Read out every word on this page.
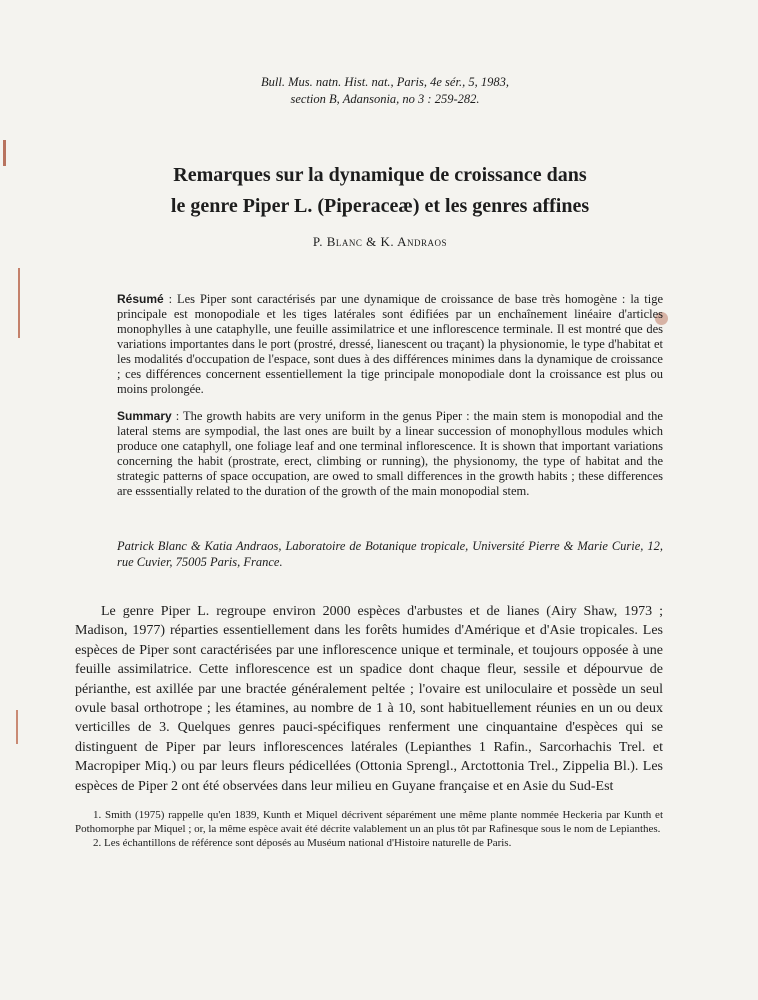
Bull. Mus. natn. Hist. nat., Paris, 4e sér., 5, 1983,
section B, Adansonia, no 3 : 259-282.
Remarques sur la dynamique de croissance dans
le genre Piper L. (Piperaceæ) et les genres affines
P. Blanc & K. Andraos
Résumé : Les Piper sont caractérisés par une dynamique de croissance de base très homogène : la tige principale est monopodiale et les tiges latérales sont édifiées par un enchaînement linéaire d'articles monophylles à une cataphylle, une feuille assimilatrice et une inflorescence terminale. Il est montré que des variations importantes dans le port (prostré, dressé, lianescent ou traçant) la physionomie, le type d'habitat et les modalités d'occupation de l'espace, sont dues à des différences minimes dans la dynamique de croissance ; ces différences concernent essentiellement la tige principale monopodiale dont la croissance est plus ou moins prolongée.
Summary : The growth habits are very uniform in the genus Piper : the main stem is monopodial and the lateral stems are sympodial, the last ones are built by a linear succession of monophyllous modules which produce one cataphyll, one foliage leaf and one terminal inflorescence. It is shown that important variations concerning the habit (prostrate, erect, climbing or running), the physionomy, the type of habitat and the strategic patterns of space occupation, are owed to small differences in the growth habits ; these differences are esssentially related to the duration of the growth of the main monopodial stem.
Patrick Blanc & Katia Andraos, Laboratoire de Botanique tropicale, Université Pierre & Marie Curie, 12, rue Cuvier, 75005 Paris, France.

Le genre Piper L. regroupe environ 2000 espèces d'arbustes et de lianes (Airy Shaw, 1973 ; Madison, 1977) réparties essentiellement dans les forêts humides d'Amérique et d'Asie tropicales. Les espèces de Piper sont caractérisées par une inflorescence unique et terminale, et toujours opposée à une feuille assimilatrice. Cette inflorescence est un spadice dont chaque fleur, sessile et dépourvue de périanthe, est axillée par une bractée généralement peltée ; l'ovaire est uniloculaire et possède un seul ovule basal orthotrope ; les étamines, au nombre de 1 à 10, sont habituellement réunies en un ou deux verticilles de 3. Quelques genres pauci-spécifiques renferment une cinquantaine d'espèces qui se distinguent de Piper par leurs inflorescences latérales (Lepianthes 1 Rafin., Sarcorhachis Trel. et Macropiper Miq.) ou par leurs fleurs pédicellées (Ottonia Sprengl., Arctottonia Trel., Zippelia Bl.). Les espèces de Piper 2 ont été observées dans leur milieu en Guyane française et en Asie du Sud-Est

1. Smith (1975) rappelle qu'en 1839, Kunth et Miquel décrivent séparément une même plante nommée Heckeria par Kunth et Pothomorphe par Miquel ; or, la même espèce avait été décrite valablement un an plus tôt par Rafinesque sous le nom de Lepianthes.

2. Les échantillons de référence sont déposés au Muséum national d'Histoire naturelle de Paris.
